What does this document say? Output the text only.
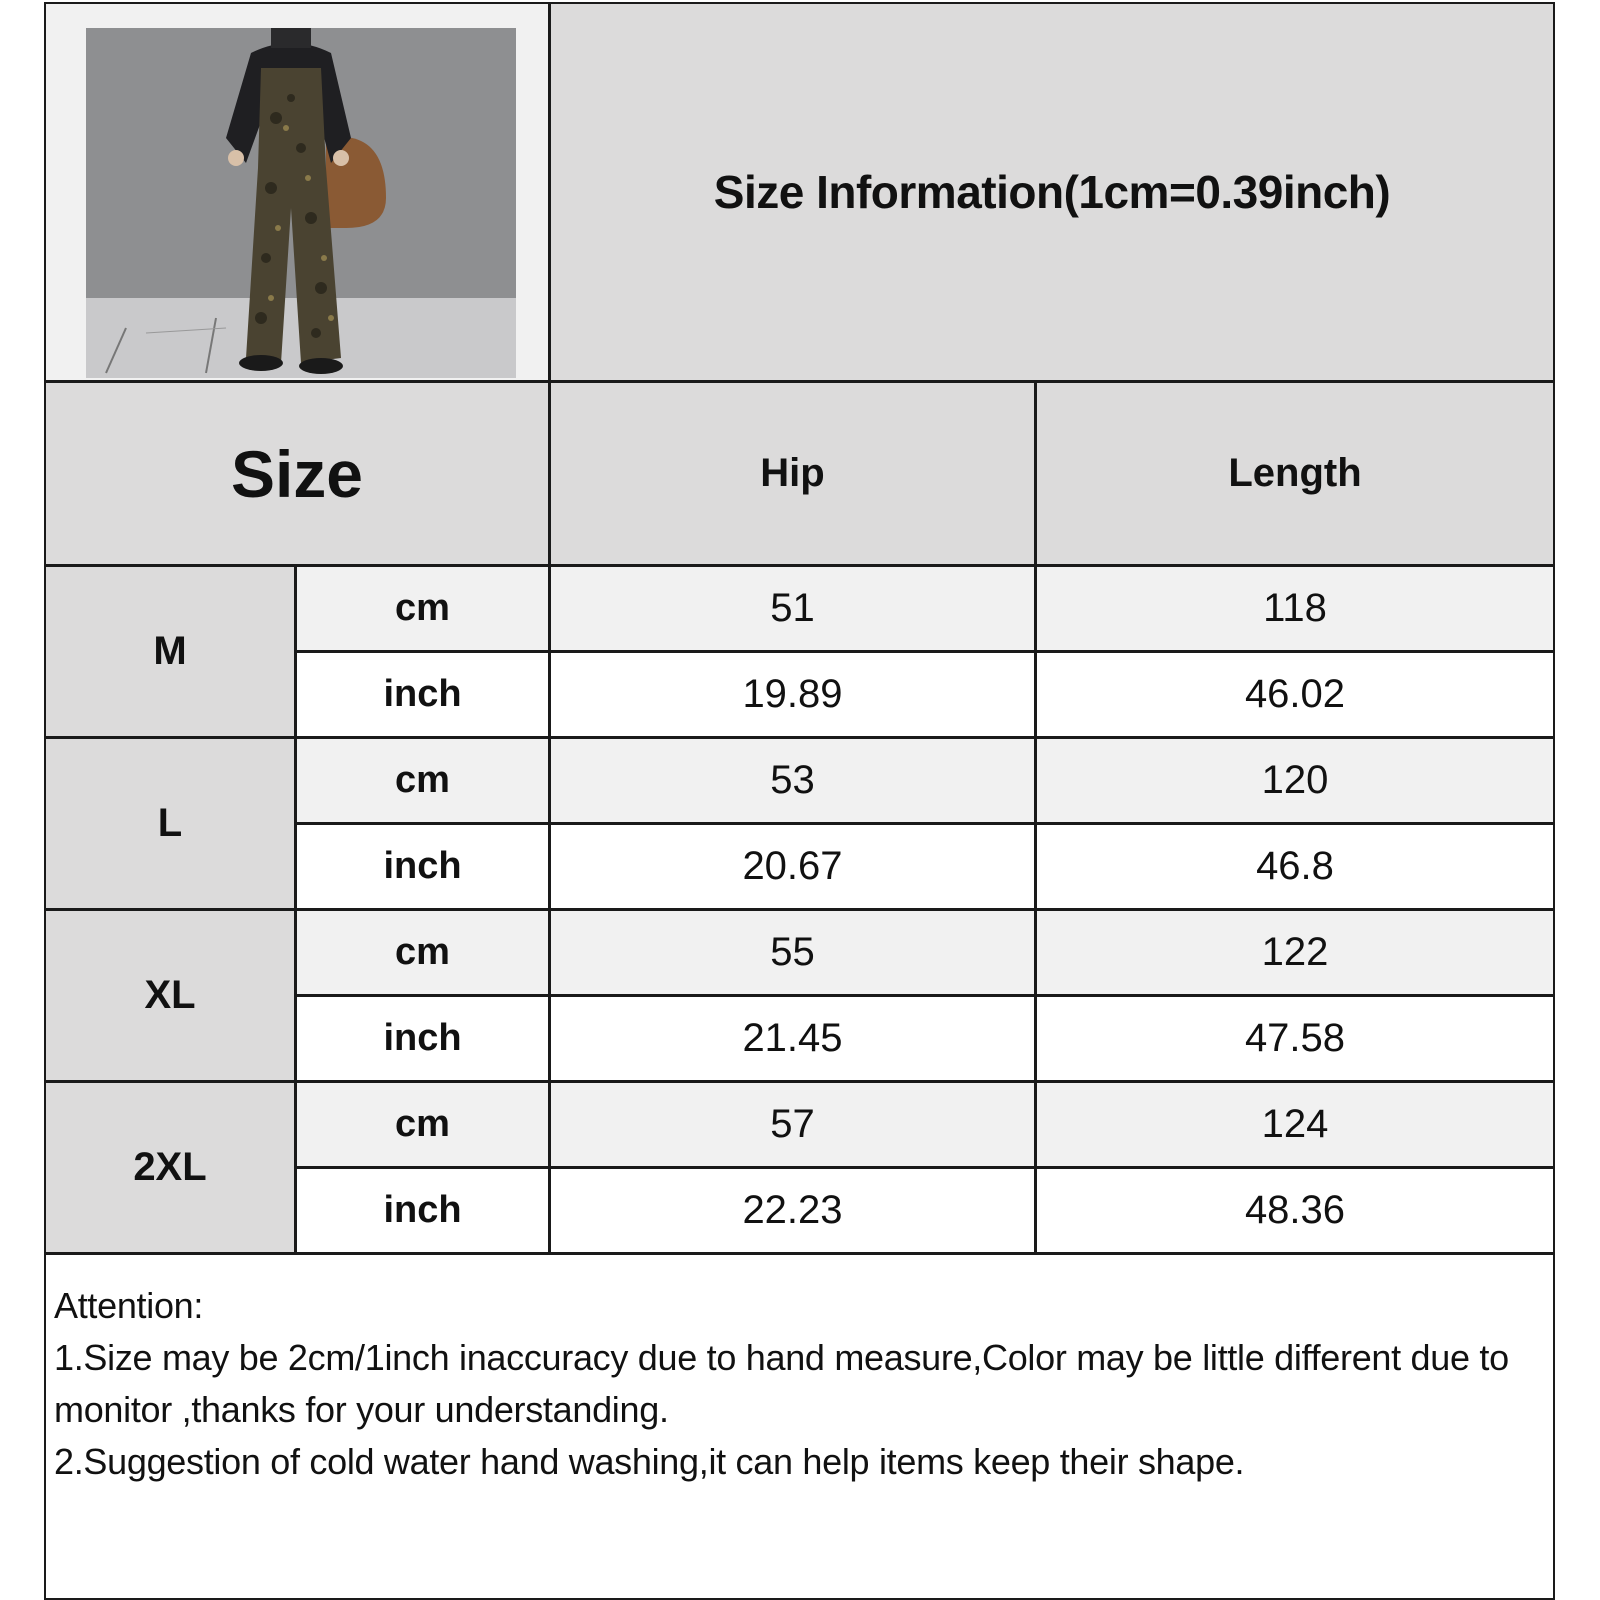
Size Information(1cm=0.39inch)
Size	Hip	Length
M
cm	51	118
inch	19.89	46.02
L
cm	53	120
inch	20.67	46.8
XL
cm	55	122
inch	21.45	47.58
2XL
cm	57	124
inch	22.23	48.36
Attention:
1.Size may be 2cm/1inch inaccuracy due to hand measure,Color may be little different due to monitor ,thanks for your understanding.
2.Suggestion of cold water hand washing,it can help items keep their shape.
